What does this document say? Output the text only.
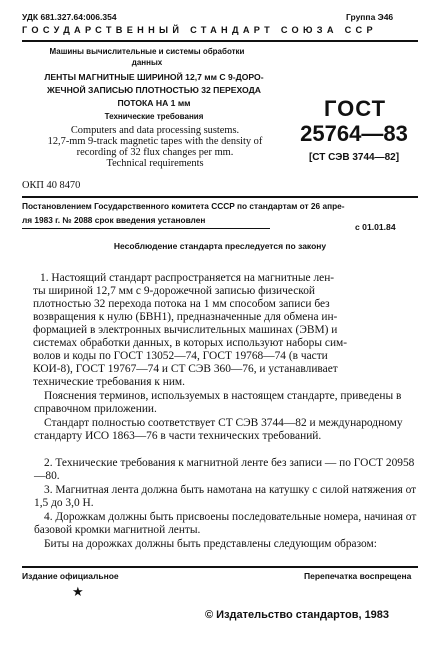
УДК 681.327.64:006.354	Группа Э46
ГОСУДАРСТВЕННЫЙ СТАНДАРТ СОЮЗА ССР
Машины вычислительные и системы обработки
данных
ЛЕНТЫ МАГНИТНЫЕ ШИРИНОЙ 12,7 мм С 9-ДОРО-
ЖЕЧНОЙ ЗАПИСЬЮ ПЛОТНОСТЬЮ 32 ПЕРЕХОДА
ПОТОКА НА 1 мм
Технические требования
Computers and data processing sustems.
12,7-mm 9-track magnetic tapes with the density of
recording of 32 flux changes per mm.
Technical requirements
ГОСТ
25764—83
[СТ СЭВ 3744—82]
ОКП 40 8470
Постановлением Государственного комитета СССР по стандартам от 26 апре-
ля 1983 г. № 2088 срок введения установлен
с 01.01.84
Несоблюдение стандарта преследуется по закону
1. Настоящий стандарт распространяется на магнитные лен-
ты шириной 12,7 мм с 9-дорожечной записью физической
плотностью 32 перехода потока на 1 мм способом записи без
возвращения к нулю (БВН1), предназначенные для обмена ин-
формацией в электронных вычислительных машинах (ЭВМ) и
системах обработки данных, в которых используют наборы сим-
волов и коды по ГОСТ 13052—74, ГОСТ 19768—74 (в части
КОИ-8), ГОСТ 19767—74 и СТ СЭВ 360—76, и устанавливает
технические требования к ним.
Пояснения терминов, используемых в настоящем стандарте, приведены в справочном приложении.
Стандарт полностью соответствует СТ СЭВ 3744—82 и международному стандарту ИСО 1863—76 в части технических требований.
2. Технические требования к магнитной ленте без записи — по ГОСТ 20958—80.
3. Магнитная лента должна быть намотана на катушку с силой натяжения от 1,5 до 3,0 Н.
4. Дорожкам должны быть присвоены последовательные номера, начиная от базовой кромки магнитной ленты.
Биты на дорожках должны быть представлены следующим образом:
Издание официальное	Перепечатка воспрещена
★
© Издательство стандартов, 1983
